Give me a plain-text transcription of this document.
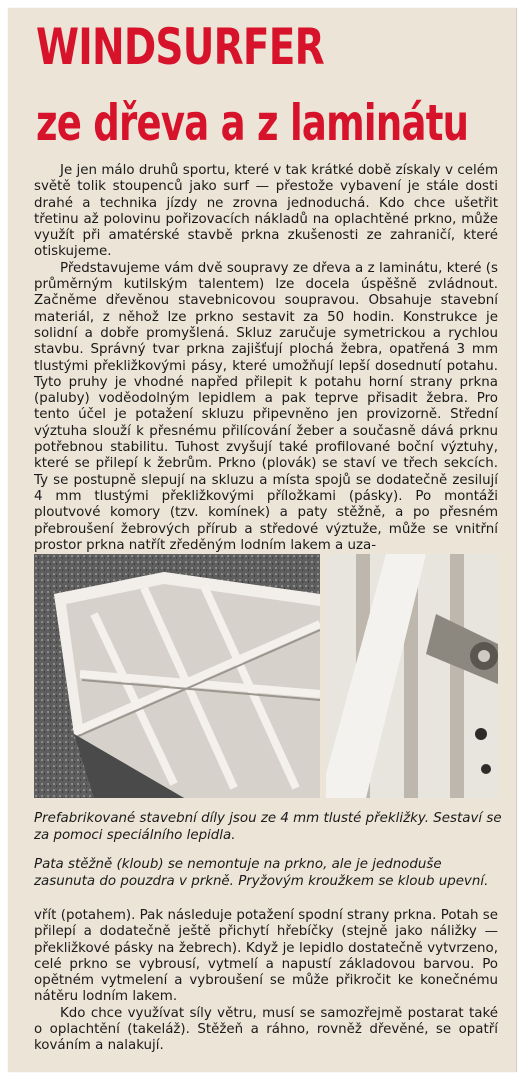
WINDSURFER
ze dřeva a z laminátu

Je jen málo druhů sportu, které v tak krátké době získaly v celém světě tolik stoupenců jako surf — přestože vybavení je stále dosti drahé a technika jízdy ne zrovna jednoduchá. Kdo chce ušetřit třetinu až polovinu pořizovacích nákladů na oplachtěné prkno, může využít při amatérské stavbě prkna zkušenosti ze zahraničí, které otiskujeme.

Představujeme vám dvě soupravy ze dřeva a z laminátu, které (s průměrným kutilským talentem) lze docela úspěšně zvládnout. Začněme dřevěnou stavebnicovou soupravou. Obsahuje stavební materiál, z něhož lze prkno sestavit za 50 hodin. Konstrukce je solidní a dobře promyšlená. Skluz zaručuje symetrickou a rychlou stavbu. Správný tvar prkna zajišťují plochá žebra, opatřená 3 mm tlustými překližkovými pásy, které umožňují lepší dosednutí potahu. Tyto pruhy je vhodné napřed přilepit k potahu horní strany prkna (paluby) voděodolným lepidlem a pak teprve přisadit žebra. Pro tento účel je potažení skluzu připevněno jen provizorně. Střední výztuha slouží k přesnému přilícování žeber a současně dává prknu potřebnou stabilitu. Tuhost zvyšují také profilované boční výztuhy, které se přilepí k žebrům. Prkno (plovák) se staví ve třech sekcích. Ty se postupně slepují na skluzu a místa spojů se dodatečně zesilují 4 mm tlustými překližkovými příložkami (pásky). Po montáži ploutvové komory (tzv. komínek) a paty stěžně, a po přesném přebroušení žebrových přírub a středové výztuže, může se vnitřní prostor prkna natřít zředěným lodním lakem a uza-

Prefabrikované stavební díly jsou ze 4 mm tlusté překližky. Sestaví se za pomoci speciálního lepidla.

Pata stěžně (kloub) se nemontuje na prkno, ale je jednoduše zasunuta do pouzdra v prkně. Pryžovým kroužkem se kloub upevní.

vřít (potahem). Pak následuje potažení spodní strany prkna. Potah se přilepí a dodatečně ještě přichytí hřebíčky (stejně jako náližky — překližkové pásky na žebrech). Když je lepidlo dostatečně vytvrzeno, celé prkno se vybrousí, vytmelí a napustí základovou barvou. Po opětném vytmelení a vybroušení se může přikročit ke konečnému nátěru lodním lakem.

Kdo chce využívat síly větru, musí se samozřejmě postarat také o oplachtění (takeláž). Stěžeň a ráhno, rovněž dřevěné, se opatří kováním a nalakují.
